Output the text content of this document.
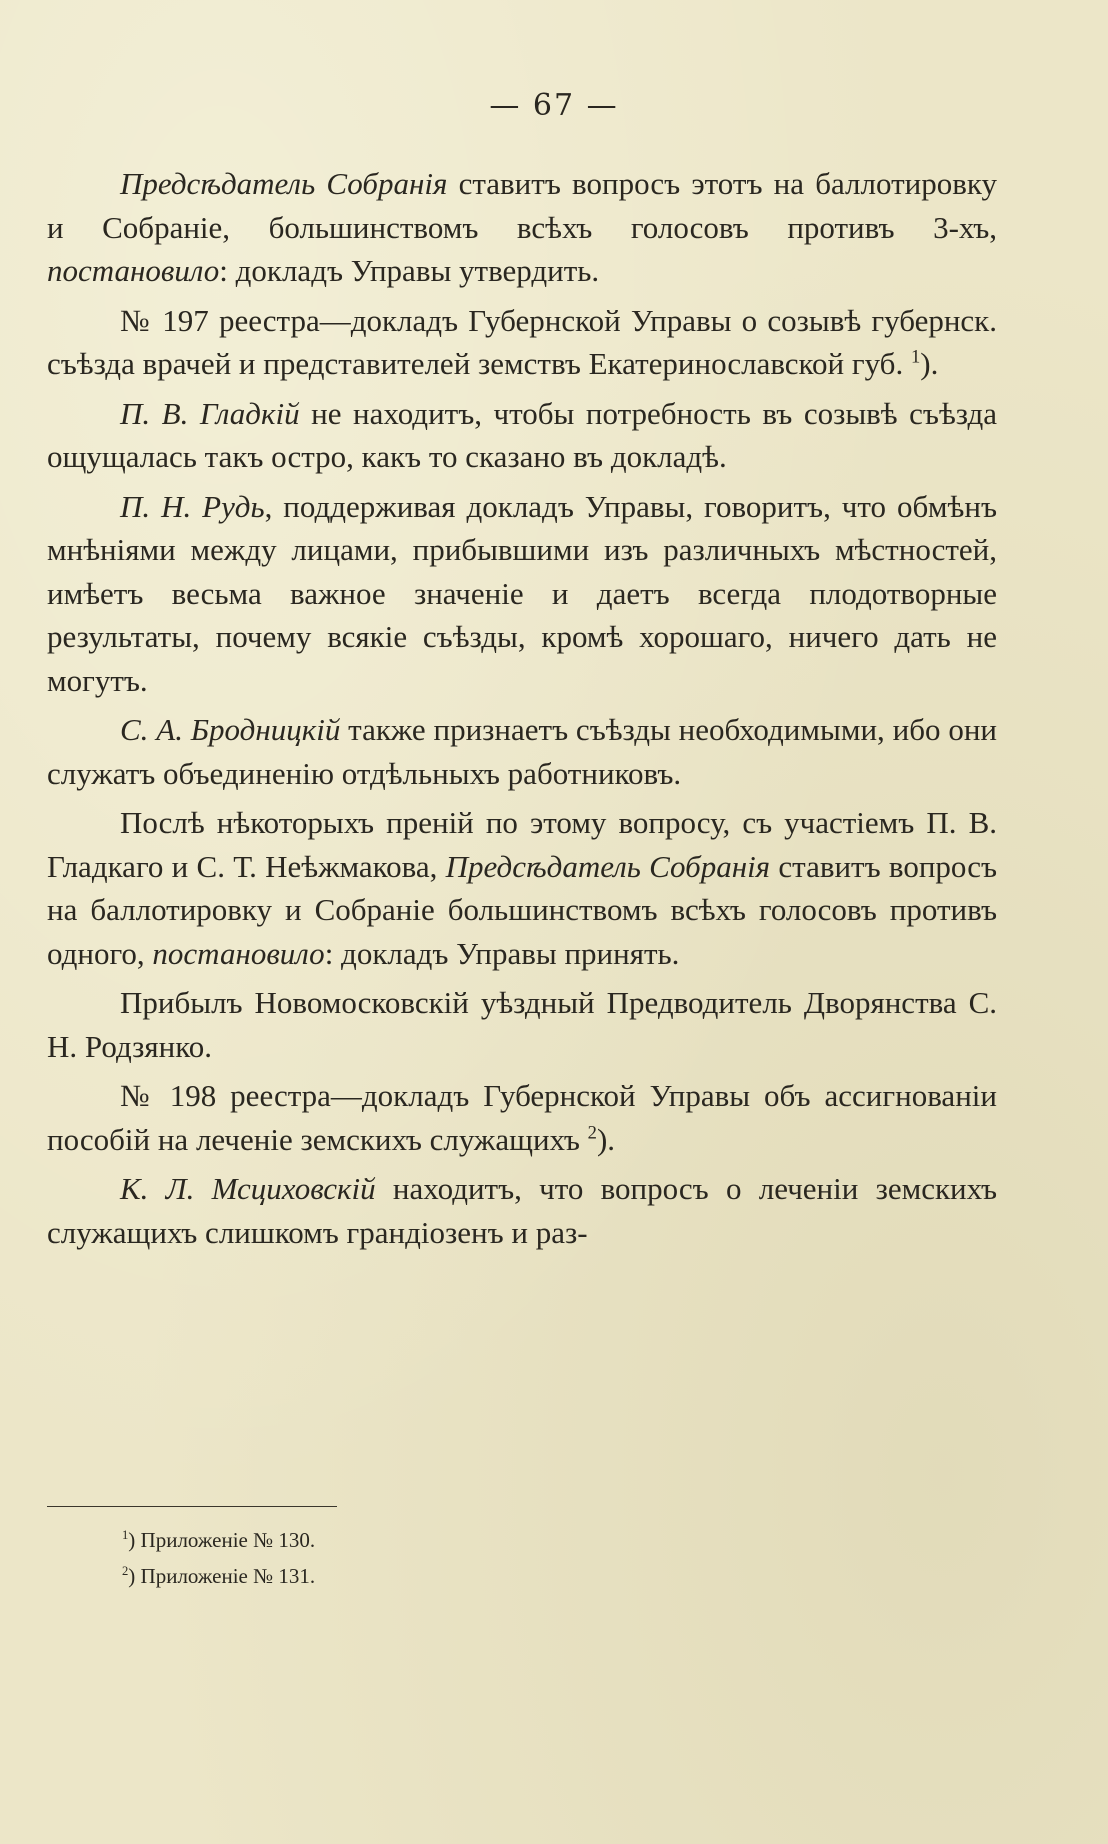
— 67 —

Предсѣдатель Собранія ставитъ вопросъ этотъ на баллотировку и Собраніе, большинствомъ всѣхъ голосовъ противъ 3-хъ, постановило: докладъ Управы утвердить.

№ 197 реестра—докладъ Губернской Управы о созывѣ губернск. съѣзда врачей и представителей земствъ Екатеринославской губ. $^1$).

П. В. Гладкій не находитъ, чтобы потребность въ созывѣ съѣзда ощущалась такъ остро, какъ то сказано въ докладѣ.

П. Н. Рудь, поддерживая докладъ Управы, говоритъ, что обмѣнъ мнѣніями между лицами, прибывшими изъ различныхъ мѣстностей, имѣетъ весьма важное значеніе и даетъ всегда плодотворные результаты, почему всякіе съѣзды, кромѣ хорошаго, ничего дать не могутъ.

С. А. Бродницкій также признаетъ съѣзды необходимыми, ибо они служатъ объединенію отдѣльныхъ работниковъ.

Послѣ нѣкоторыхъ преній по этому вопросу, съ участіемъ П. В. Гладкаго и С. Т. Неѣжмакова, Предсѣдатель Собранія ставитъ вопросъ на баллотировку и Собраніе большинствомъ всѣхъ голосовъ противъ одного, постановило: докладъ Управы принять.

Прибылъ Новомосковскій уѣздный Предводитель Дворянства С. Н. Родзянко.

№ 198 реестра—докладъ Губернской Управы объ ассигнованіи пособій на леченіе земскихъ служащихъ $^2$).

К. Л. Мсциховскій находитъ, что вопросъ о леченіи земскихъ служащихъ слишкомъ грандіозенъ и раз-

$^1$) Приложеніе № 130.

$^2$) Приложеніе № 131.
